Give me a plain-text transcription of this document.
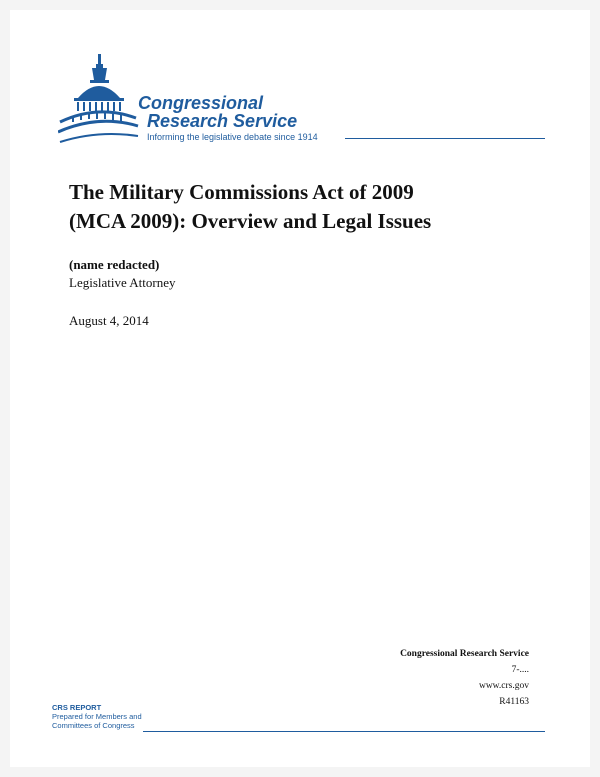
Congressional
Research Service
Informing the legislative debate since 1914
The Military Commissions Act of 2009
(MCA 2009): Overview and Legal Issues
(name redacted)
Legislative Attorney
August 4, 2014
Congressional Research Service
7-....
www.crs.gov
R41163
CRS REPORT
Prepared for Members and
Committees of Congress
